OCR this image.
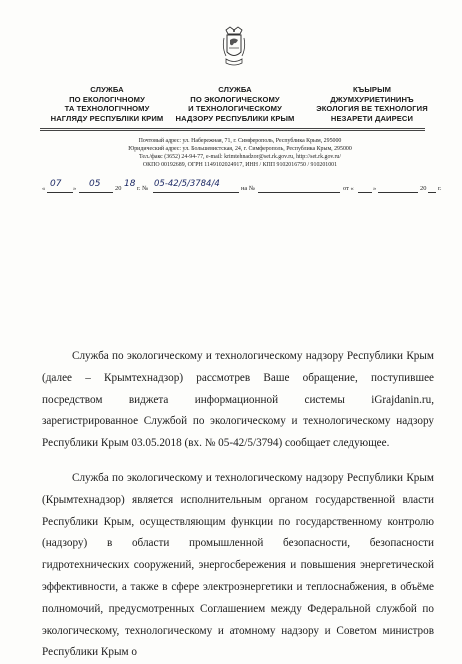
СЛУЖБА
ПО ЕКОЛОГІЧНОМУ
ТА ТЕХНОЛОГІЧНОМУ
НАГЛЯДУ РЕСПУБЛІКИ КРИМ
СЛУЖБА
ПО ЭКОЛОГИЧЕСКОМУ
И ТЕХНОЛОГИЧЕСКОМУ
НАДЗОРУ РЕСПУБЛИКИ КРЫМ
КЪЫРЫМ
ДЖУМХУРИЕТИНИНЪ
ЭКОЛОГИЯ ВЕ ТЕХНОЛОГИЯ
НЕЗАРЕТИ ДАИРЕСИ
Почтовый адрес: ул. Набережная, 71, г. Симферополь, Республика Крым, 295000
Юридический адрес: ул. Большевистская, 24, г. Симферополь, Республика Крым, 295000
Тел./факс (3652) 24-94-77, e-mail: krimtehnadzor@set.rk.gov.ru, http://set.rk.gov.ru/
ОКПО 00192689, ОГРН 1149102024917, ИНН / КПП 9102016750 / 910201001
« 07 » 05 20 18 г. № 05-42/5/3784/4	на №	от «	»	20 г.

Служба по экологическому и технологическому надзору Республики Крым (далее – Крымтехнадзор) рассмотрев Ваше обращение, поступившее посредством виджета информационной системы iGrajdanin.ru, зарегистрированное Службой по экологическому и технологическому надзору Республики Крым 03.05.2018 (вх. № 05-42/5/3794) сообщает следующее.

Служба по экологическому и технологическому надзору Республики Крым (Крымтехнадзор) является исполнительным органом государственной власти Республики Крым, осуществляющим функции по государственному контролю (надзору) в области промышленной безопасности, безопасности гидротехнических сооружений, энергосбережения и повышения энергетической эффективности, а также в сфере электроэнергетики и теплоснабжения, в объёме полномочий, предусмотренных Соглашением между Федеральной службой по экологическому, технологическому и атомному надзору и Советом министров Республики Крым о
